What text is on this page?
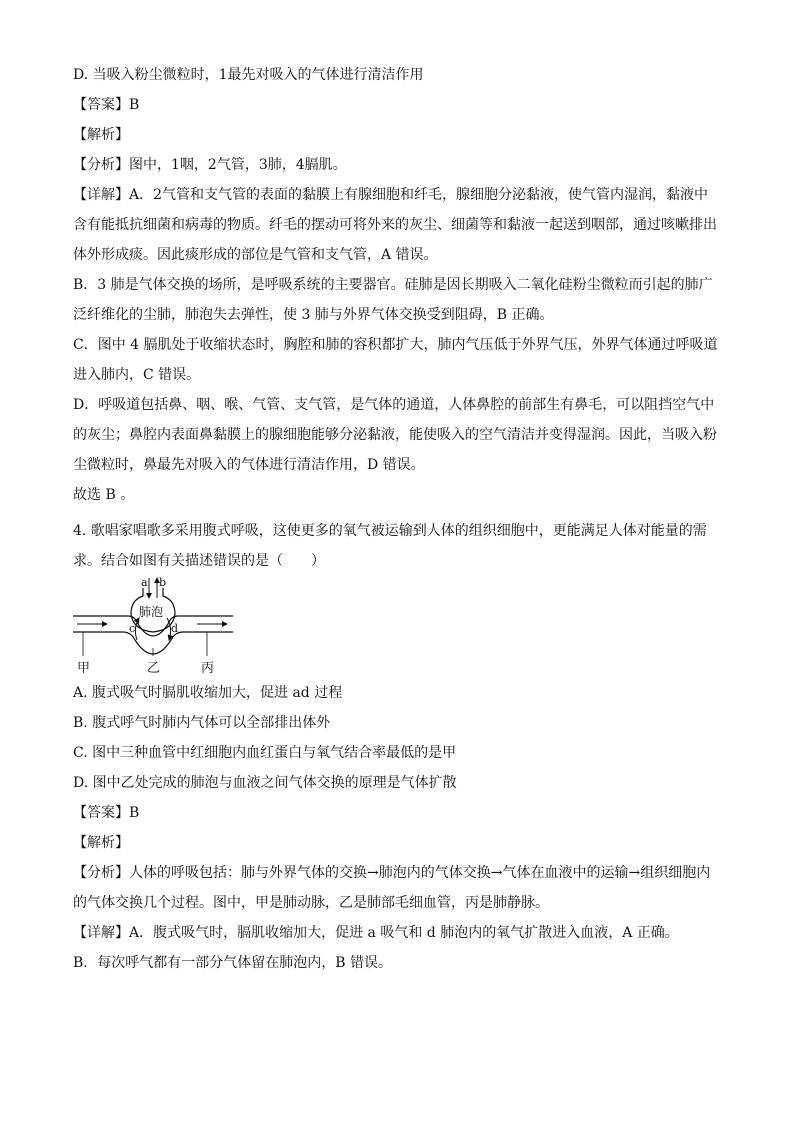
D. 当吸入粉尘微粒时，1最先对吸入的气体进行清洁作用
【答案】B
【解析】
【分析】图中，1咽，2气管，3肺，4膈肌。
【详解】A．2气管和支气管的表面的黏膜上有腺细胞和纤毛，腺细胞分泌黏液，使气管内湿润，黏液中
含有能抵抗细菌和病毒的物质。纤毛的摆动可将外来的灰尘、细菌等和黏液一起送到咽部，通过咳嗽排出
体外形成痰。因此痰形成的部位是气管和支气管，A 错误。
B．3 肺是气体交换的场所，是呼吸系统的主要器官。硅肺是因长期吸入二氧化硅粉尘微粒而引起的肺广
泛纤维化的尘肺，肺泡失去弹性，使 3 肺与外界气体交换受到阻碍，B 正确。
C．图中 4 膈肌处于收缩状态时，胸腔和肺的容积都扩大，肺内气压低于外界气压，外界气体通过呼吸道
进入肺内，C 错误。
D．呼吸道包括鼻、咽、喉、气管、支气管，是气体的通道，人体鼻腔的前部生有鼻毛，可以阻挡空气中
的灰尘；鼻腔内表面鼻黏膜上的腺细胞能够分泌黏液，能使吸入的空气清洁并变得湿润。因此，当吸入粉
尘微粒时，鼻最先对吸入的气体进行清洁作用，D 错误。
故选 B 。
4. 歌唱家唱歌多采用腹式呼吸，这使更多的氧气被运输到人体的组织细胞中，更能满足人体对能量的需
求。结合如图有关描述错误的是（　　）
a b
肺泡
c	d
甲	乙	丙
A. 腹式吸气时膈肌收缩加大，促进 ad 过程
B. 腹式呼气时肺内气体可以全部排出体外
C. 图中三种血管中红细胞内血红蛋白与氧气结合率最低的是甲
D. 图中乙处完成的肺泡与血液之间气体交换的原理是气体扩散
【答案】B
【解析】
【分析】人体的呼吸包括：肺与外界气体的交换→肺泡内的气体交换→气体在血液中的运输→组织细胞内
的气体交换几个过程。图中，甲是肺动脉，乙是肺部毛细血管，丙是肺静脉。
【详解】A．腹式吸气时，膈肌收缩加大，促进 a 吸气和 d 肺泡内的氧气扩散进入血液，A 正确。
B．每次呼气都有一部分气体留在肺泡内，B 错误。
